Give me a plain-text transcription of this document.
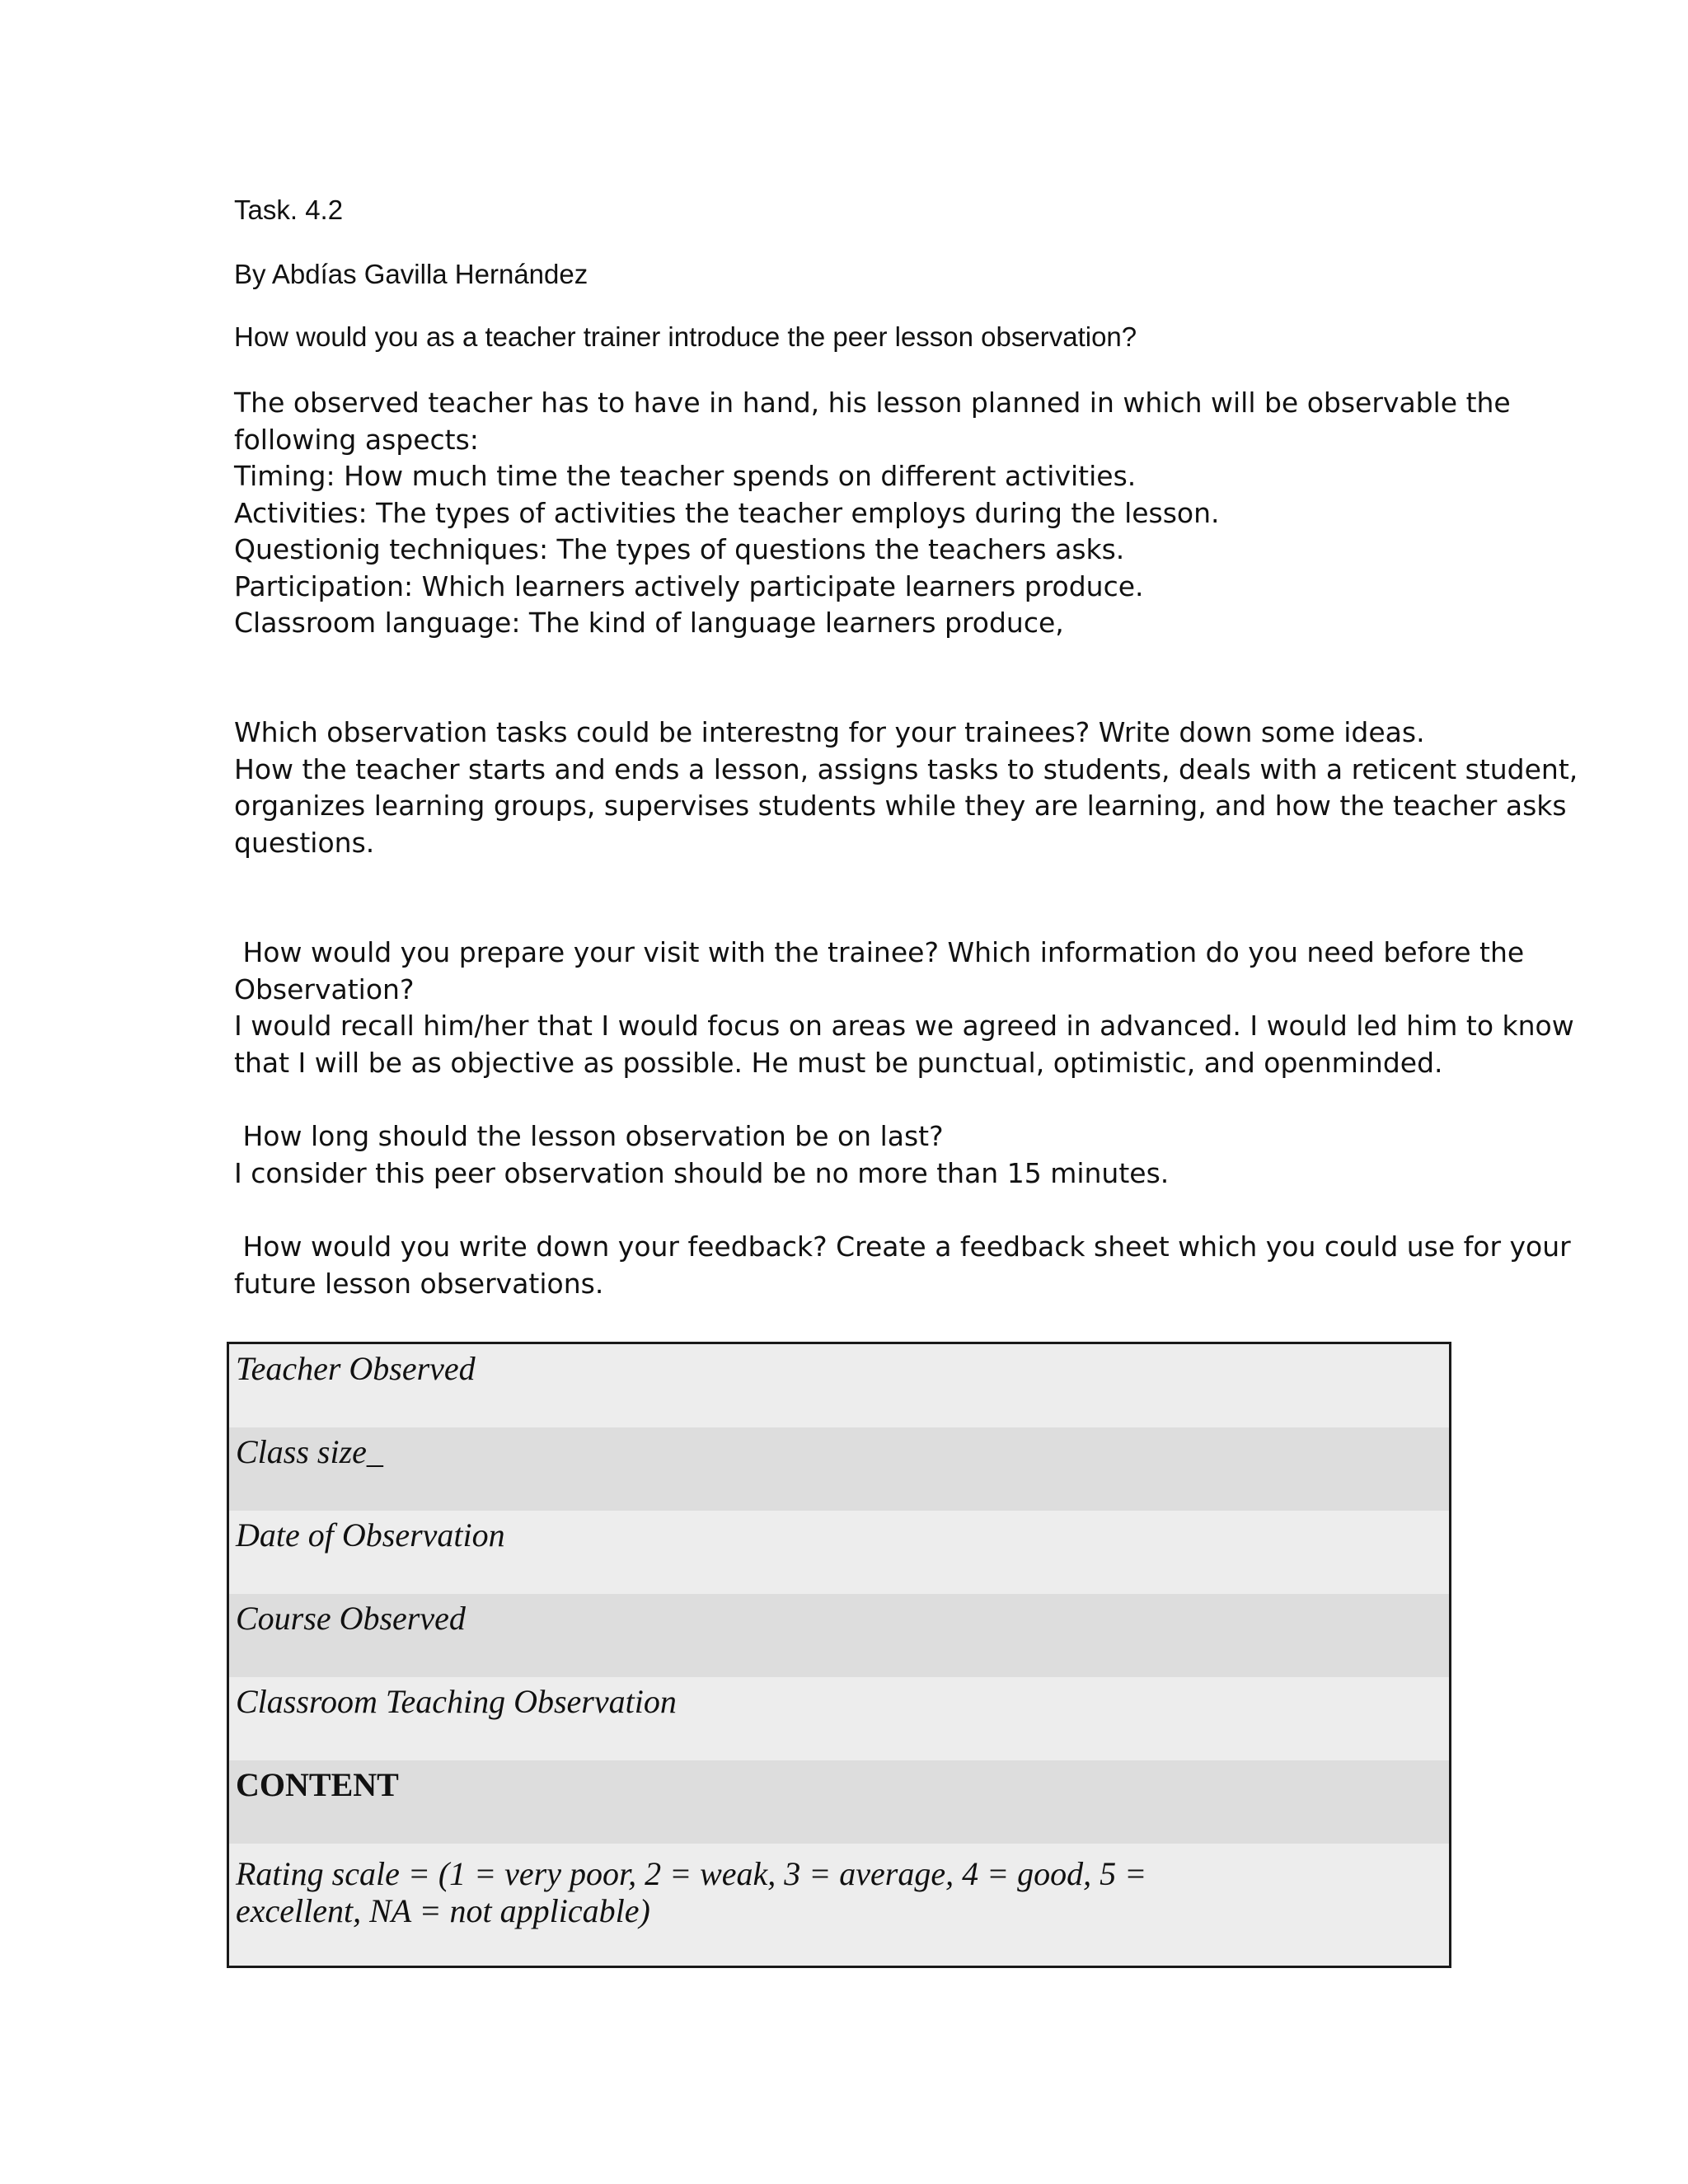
Task. 4.2

By Abdías Gavilla Hernández

How would you as a teacher trainer introduce the peer lesson observation?

The observed teacher has to have in hand, his lesson planned in which will be observable the
following aspects:
Timing: How much time the teacher spends on different activities.
Activities: The types of activities the teacher employs during the lesson.
Questionig techniques: The types of questions the teachers asks.
Participation: Which learners actively participate learners produce.
Classroom language: The kind of language learners produce,
Which observation tasks could be interestng for your trainees? Write down some ideas.
How the teacher starts and ends a lesson, assigns tasks to students, deals with a reticent student,
organizes learning groups, supervises students while they are learning, and how the teacher asks
questions.
How would you prepare your visit with the trainee? Which information do you need before the
Observation?
I would recall him/her that I would focus on areas we agreed in advanced. I would led him to know
that I will be as objective as possible. He must be punctual, optimistic, and openminded.
How long should the lesson observation be on last?
I consider this peer observation should be no more than 15 minutes.
How would you write down your feedback? Create a feedback sheet which you could use for your
future lesson observations.
Teacher Observed
Class size_
Date of Observation
Course Observed
Classroom Teaching Observation
CONTENT
Rating scale = (1 = very poor, 2 = weak, 3 = average, 4 = good, 5 =
excellent, NA = not applicable)
